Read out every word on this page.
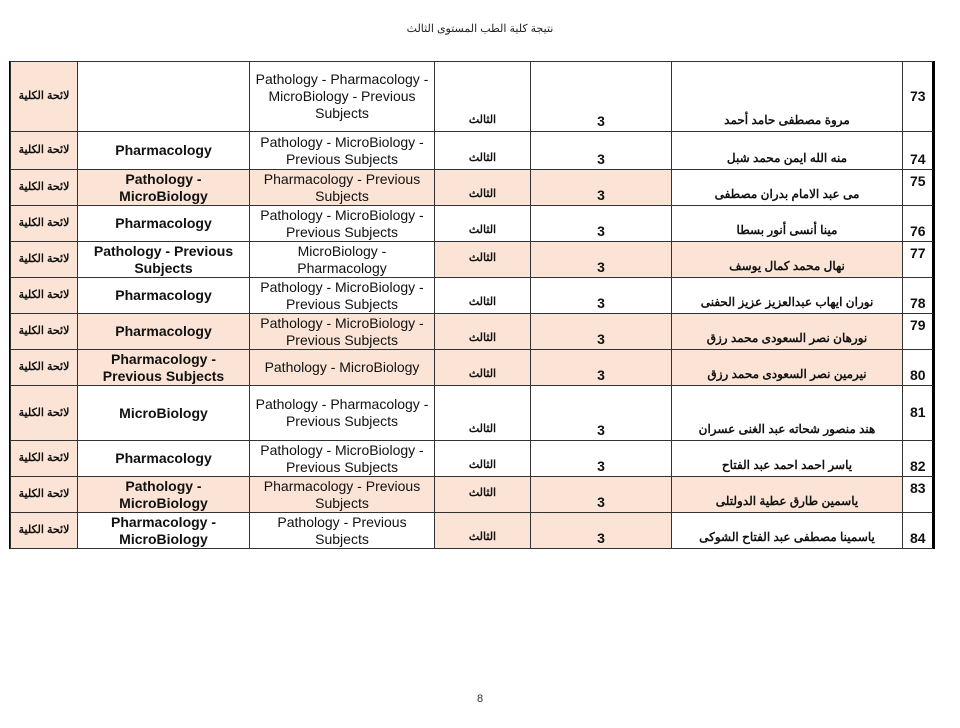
نتيجة كلية الطب المستوى الثالث
لائحة الكلية		Pathology - Pharmacology - MicroBiology - Previous Subjects	الثالث	3	مروة مصطفى حامد أحمد	73
لائحة الكلية	Pharmacology	Pathology - MicroBiology - Previous Subjects	الثالث	3	منه الله ايمن محمد شبل	74
لائحة الكلية	Pathology - MicroBiology	Pharmacology - Previous Subjects	الثالث	3	مى عبد الامام بدران مصطفى	75
لائحة الكلية	Pharmacology	Pathology - MicroBiology - Previous Subjects	الثالث	3	مينا أنسى أنور بسطا	76
لائحة الكلية	Pathology - Previous Subjects	MicroBiology - Pharmacology	الثالث	3	نهال محمد كمال يوسف	77
لائحة الكلية	Pharmacology	Pathology - MicroBiology - Previous Subjects	الثالث	3	نوران ايهاب عبدالعزيز عزيز الحفنى	78
لائحة الكلية	Pharmacology	Pathology - MicroBiology - Previous Subjects	الثالث	3	نورهان نصر السعودى محمد رزق	79
لائحة الكلية	Pharmacology - Previous Subjects	Pathology - MicroBiology	الثالث	3	نيرمين نصر السعودى محمد رزق	80
لائحة الكلية	MicroBiology	Pathology - Pharmacology - Previous Subjects	الثالث	3	هند منصور شحاته عبد الغنى عسران	81
لائحة الكلية	Pharmacology	Pathology - MicroBiology - Previous Subjects	الثالث	3	ياسر احمد احمد عبد الفتاح	82
لائحة الكلية	Pathology - MicroBiology	Pharmacology - Previous Subjects	الثالث	3	ياسمين طارق عطية الدولتلى	83
لائحة الكلية	Pharmacology - MicroBiology	Pathology - Previous Subjects	الثالث	3	ياسمينا مصطفى عبد الفتاح الشوكى	84
8
